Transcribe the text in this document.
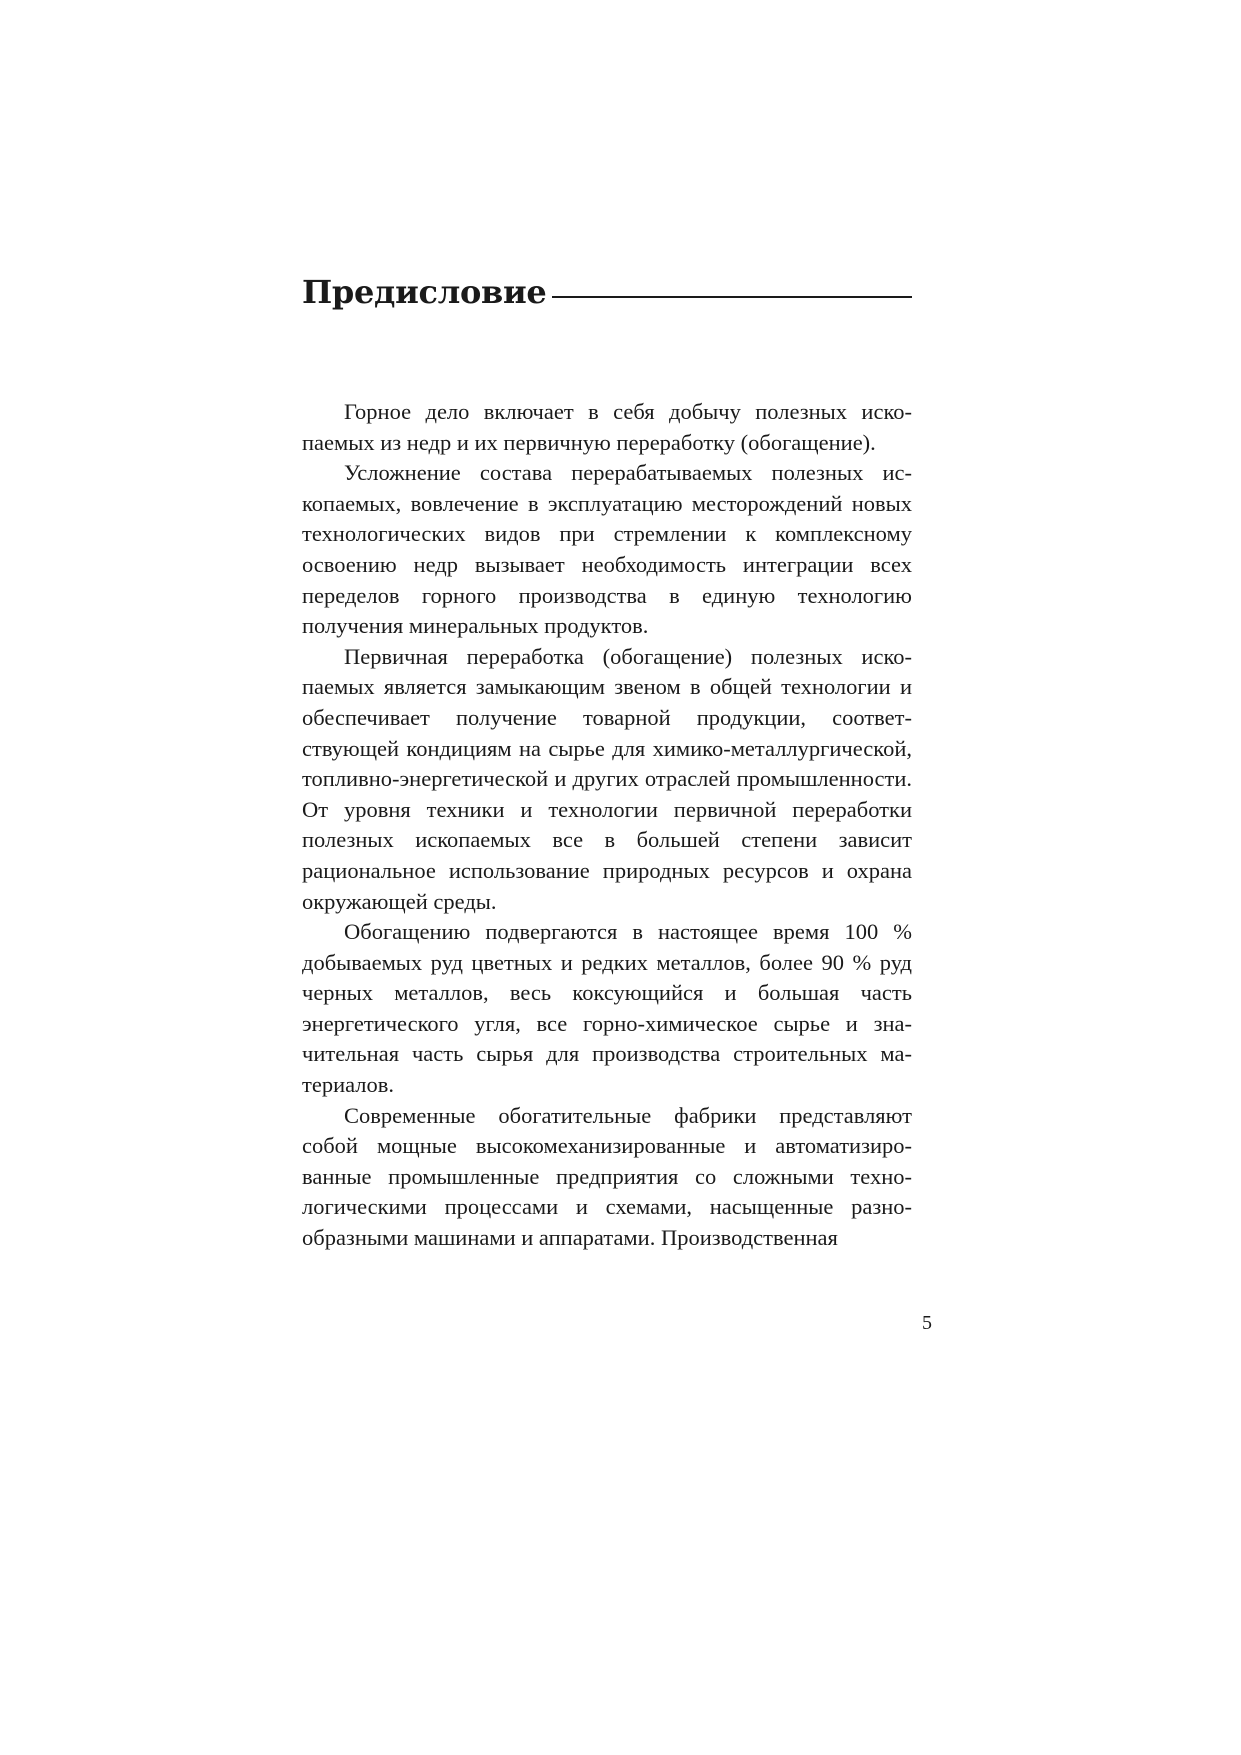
Предисловие

Горное дело включает в себя добычу полезных ископаемых из недр и их первичную переработку (обогащение).

Усложнение состава перерабатываемых полезных ископаемых, вовлечение в эксплуатацию месторождений новых технологических видов при стремлении к комплексному освоению недр вызывает необходимость интеграции всех переделов горного производства в единую технологию получения минеральных продуктов.

Первичная переработка (обогащение) полезных ископаемых является замыкающим звеном в общей технологии и обеспечивает получение товарной продукции, соответствующей кондициям на сырье для химико-металлургической, топливно-энергетической и других отраслей промышленности. От уровня техники и технологии первичной переработки полезных ископаемых все в большей степени зависит рациональное использование природных ресурсов и охрана окружающей среды.

Обогащению подвергаются в настоящее время 100 % добываемых руд цветных и редких металлов, более 90 % руд черных металлов, весь коксующийся и большая часть энергетического угля, все горно-химическое сырье и значительная часть сырья для производства строительных материалов.

Современные обогатительные фабрики представляют собой мощные высокомеханизированные и автоматизированные промышленные предприятия со сложными технологическими процессами и схемами, насыщенные разнообразными машинами и аппаратами. Производственная

5
